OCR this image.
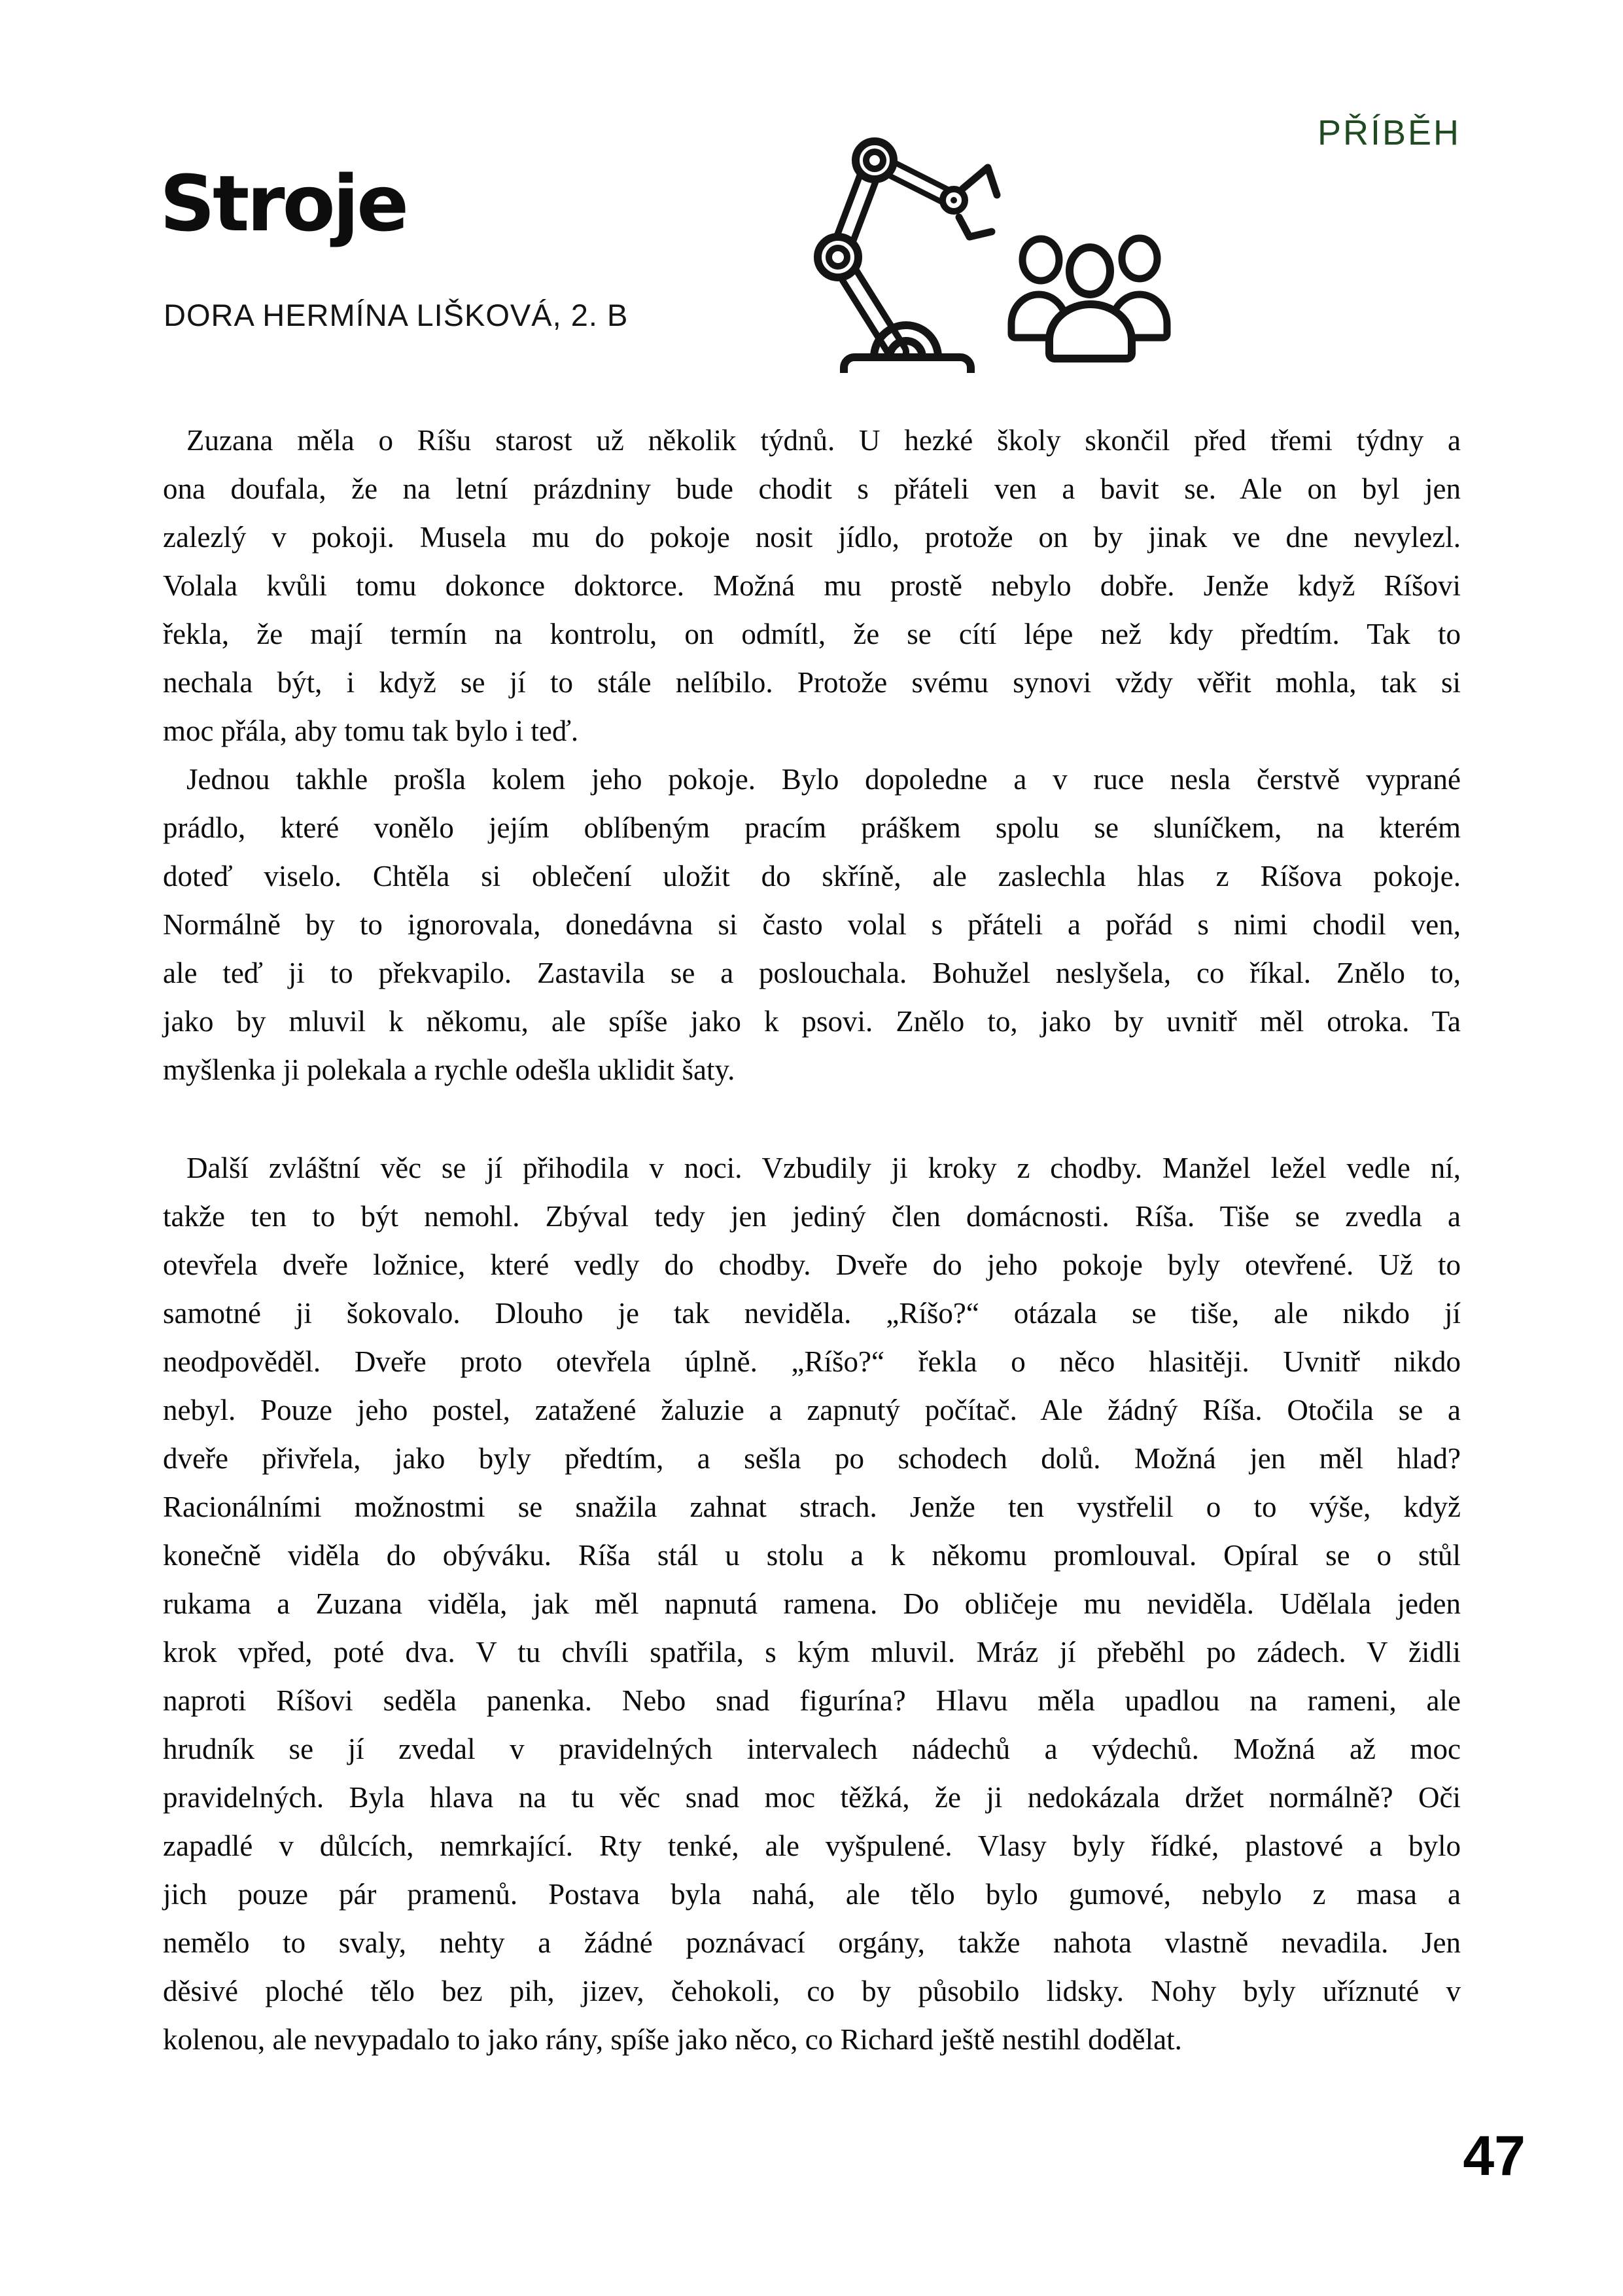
PŘÍBĚH
Stroje
DORA HERMÍNA LIŠKOVÁ, 2. B
Zuzana měla o Ríšu starost už několik týdnů. U hezké školy skončil před třemi týdny a
ona doufala, že na letní prázdniny bude chodit s přáteli ven a bavit se. Ale on byl jen
zalezlý v pokoji. Musela mu do pokoje nosit jídlo, protože on by jinak ve dne nevylezl.
Volala kvůli tomu dokonce doktorce. Možná mu prostě nebylo dobře. Jenže když Ríšovi
řekla, že mají termín na kontrolu, on odmítl, že se cítí lépe než kdy předtím. Tak to
nechala být, i když se jí to stále nelíbilo. Protože svému synovi vždy věřit mohla, tak si
moc přála, aby tomu tak bylo i teď.
Jednou takhle prošla kolem jeho pokoje. Bylo dopoledne a v ruce nesla čerstvě vyprané
prádlo, které vonělo jejím oblíbeným pracím práškem spolu se sluníčkem, na kterém
doteď viselo. Chtěla si oblečení uložit do skříně, ale zaslechla hlas z Ríšova pokoje.
Normálně by to ignorovala, donedávna si často volal s přáteli a pořád s nimi chodil ven,
ale teď ji to překvapilo. Zastavila se a poslouchala. Bohužel neslyšela, co říkal. Znělo to,
jako by mluvil k někomu, ale spíše jako k psovi. Znělo to, jako by uvnitř měl otroka. Ta
myšlenka ji polekala a rychle odešla uklidit šaty.
Další zvláštní věc se jí přihodila v noci. Vzbudily ji kroky z chodby. Manžel ležel vedle ní,
takže ten to být nemohl. Zbýval tedy jen jediný člen domácnosti. Ríša. Tiše se zvedla a
otevřela dveře ložnice, které vedly do chodby. Dveře do jeho pokoje byly otevřené. Už to
samotné ji šokovalo. Dlouho je tak neviděla. „Ríšo?“ otázala se tiše, ale nikdo jí
neodpověděl. Dveře proto otevřela úplně. „Ríšo?“ řekla o něco hlasitěji. Uvnitř nikdo
nebyl. Pouze jeho postel, zatažené žaluzie a zapnutý počítač. Ale žádný Ríša. Otočila se a
dveře přivřela, jako byly předtím, a sešla po schodech dolů. Možná jen měl hlad?
Racionálními možnostmi se snažila zahnat strach. Jenže ten vystřelil o to výše, když
konečně viděla do obýváku. Ríša stál u stolu a k někomu promlouval. Opíral se o stůl
rukama a Zuzana viděla, jak měl napnutá ramena. Do obličeje mu neviděla. Udělala jeden
krok vpřed, poté dva. V tu chvíli spatřila, s kým mluvil. Mráz jí přeběhl po zádech. V židli
naproti Ríšovi seděla panenka. Nebo snad figurína? Hlavu měla upadlou na rameni, ale
hrudník se jí zvedal v pravidelných intervalech nádechů a výdechů. Možná až moc
pravidelných. Byla hlava na tu věc snad moc těžká, že ji nedokázala držet normálně? Oči
zapadlé v důlcích, nemrkající. Rty tenké, ale vyšpulené. Vlasy byly řídké, plastové a bylo
jich pouze pár pramenů. Postava byla nahá, ale tělo bylo gumové, nebylo z masa a
nemělo to svaly, nehty a žádné poznávací orgány, takže nahota vlastně nevadila. Jen
děsivé ploché tělo bez pih, jizev, čehokoli, co by působilo lidsky. Nohy byly uříznuté v
kolenou, ale nevypadalo to jako rány, spíše jako něco, co Richard ještě nestihl dodělat.
47
